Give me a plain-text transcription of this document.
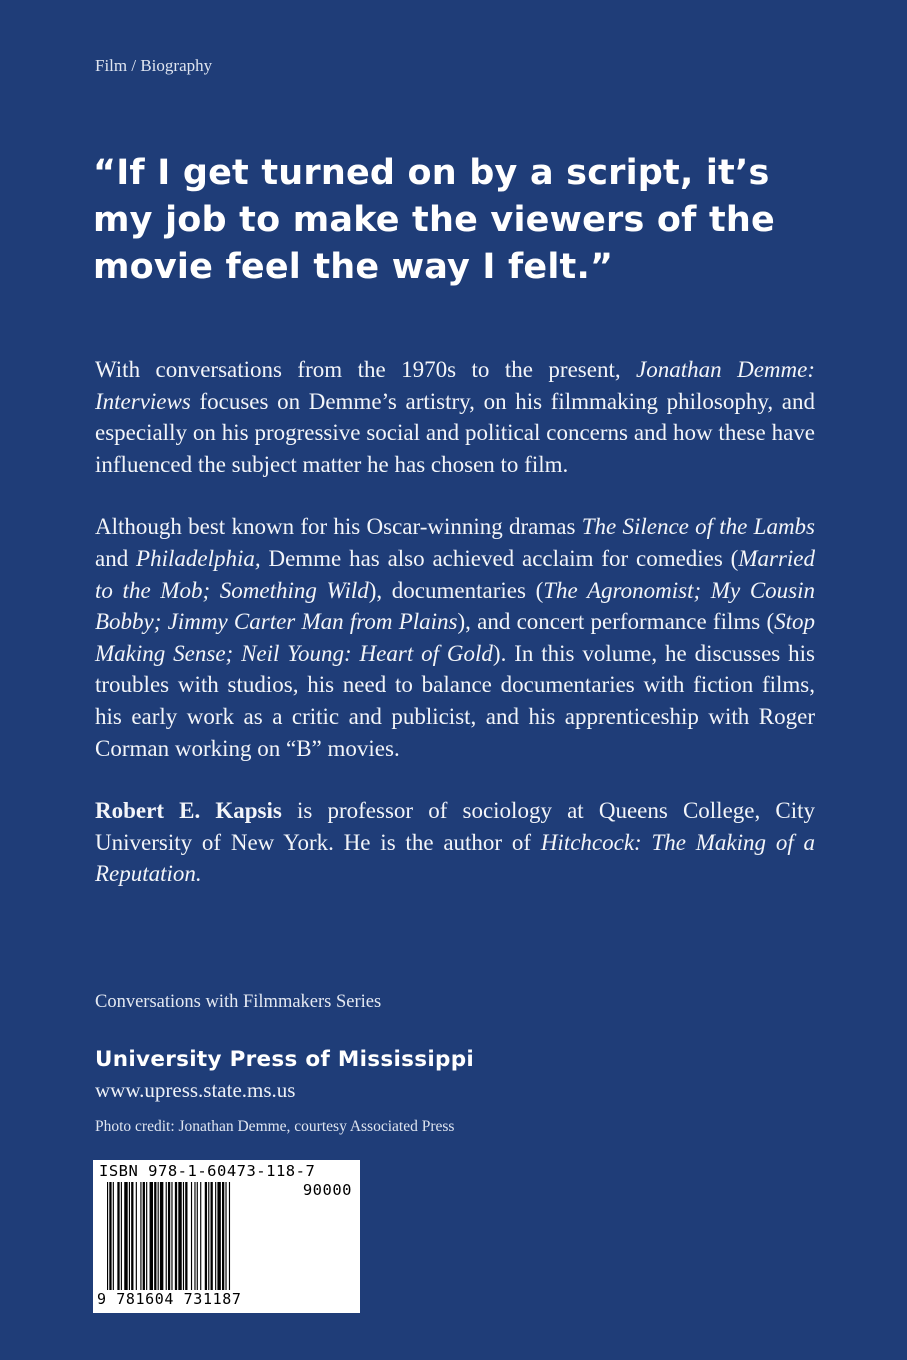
Film / Biography
“If I get turned on by a script, it’s my job to make the viewers of the movie feel the way I felt.”

With conversations from the 1970s to the present, Jonathan Demme: Interviews focuses on Demme’s artistry, on his filmmaking philosophy, and especially on his progressive social and political concerns and how these have influenced the subject matter he has chosen to film.

Although best known for his Oscar-winning dramas The Silence of the Lambs and Philadelphia, Demme has also achieved acclaim for comedies (Married to the Mob; Something Wild), documentaries (The Agronomist; My Cousin Bobby; Jimmy Carter Man from Plains), and concert performance films (Stop Making Sense; Neil Young: Heart of Gold). In this volume, he discusses his troubles with studios, his need to balance documentaries with fiction films, his early work as a critic and publicist, and his apprenticeship with Roger Corman working on “B” movies.

Robert E. Kapsis is professor of sociology at Queens College, City University of New York. He is the author of Hitchcock: The Making of a Reputation.

Conversations with Filmmakers Series
University Press of Mississippi
www.upress.state.ms.us
Photo credit: Jonathan Demme, courtesy Associated Press
ISBN 978-1-60473-118-7
90000
9 781604 731187
